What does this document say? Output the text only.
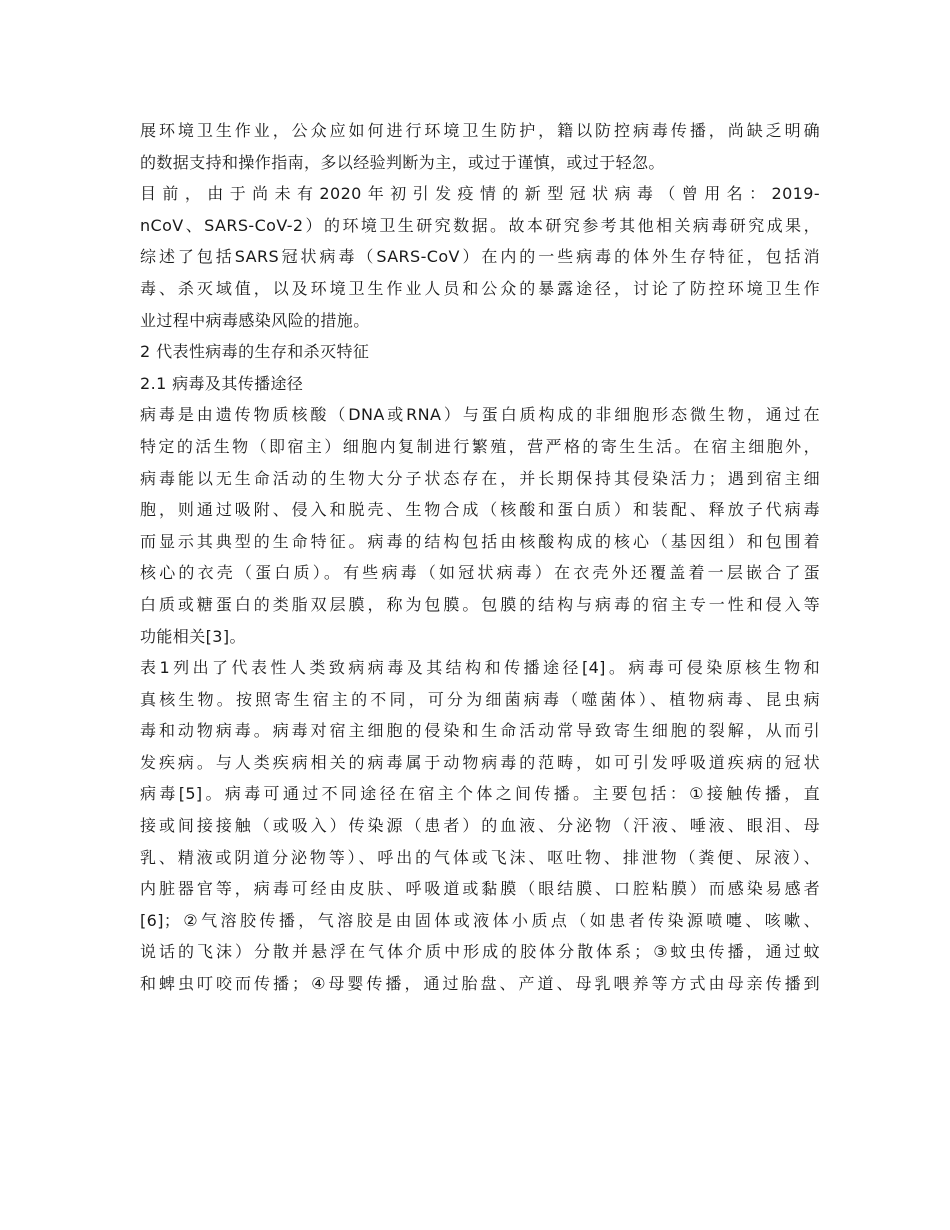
展环境卫生作业，公众应如何进行环境卫生防护，籍以防控病毒传播，尚缺乏明确
的数据支持和操作指南，多以经验判断为主，或过于谨慎，或过于轻忽。
目前，由于尚未有2020年初引发疫情的新型冠状病毒（曾用名：2019-
nCoV、SARS-CoV-2）的环境卫生研究数据。故本研究参考其他相关病毒研究成果，
综述了包括SARS冠状病毒（SARS-CoV）在内的一些病毒的体外生存特征，包括消
毒、杀灭域值，以及环境卫生作业人员和公众的暴露途径，讨论了防控环境卫生作
业过程中病毒感染风险的措施。
2 代表性病毒的生存和杀灭特征
2.1 病毒及其传播途径
病毒是由遗传物质核酸（DNA或RNA）与蛋白质构成的非细胞形态微生物，通过在
特定的活生物（即宿主）细胞内复制进行繁殖，营严格的寄生生活。在宿主细胞外，
病毒能以无生命活动的生物大分子状态存在，并长期保持其侵染活力；遇到宿主细
胞，则通过吸附、侵入和脱壳、生物合成（核酸和蛋白质）和装配、释放子代病毒
而显示其典型的生命特征。病毒的结构包括由核酸构成的核心（基因组）和包围着
核心的衣壳（蛋白质）。有些病毒（如冠状病毒）在衣壳外还覆盖着一层嵌合了蛋
白质或糖蛋白的类脂双层膜，称为包膜。包膜的结构与病毒的宿主专一性和侵入等
功能相关[3]。
表1列出了代表性人类致病病毒及其结构和传播途径[4]。病毒可侵染原核生物和
真核生物。按照寄生宿主的不同，可分为细菌病毒（噬菌体）、植物病毒、昆虫病
毒和动物病毒。病毒对宿主细胞的侵染和生命活动常导致寄生细胞的裂解，从而引
发疾病。与人类疾病相关的病毒属于动物病毒的范畴，如可引发呼吸道疾病的冠状
病毒[5]。病毒可通过不同途径在宿主个体之间传播。主要包括：①接触传播，直
接或间接接触（或吸入）传染源（患者）的血液、分泌物（汗液、唾液、眼泪、母
乳、精液或阴道分泌物等）、呼出的气体或飞沫、呕吐物、排泄物（粪便、尿液）、
内脏器官等，病毒可经由皮肤、呼吸道或黏膜（眼结膜、口腔粘膜）而感染易感者
[6]；②气溶胶传播，气溶胶是由固体或液体小质点（如患者传染源喷嚏、咳嗽、
说话的飞沫）分散并悬浮在气体介质中形成的胶体分散体系；③蚊虫传播，通过蚊
和蜱虫叮咬而传播；④母婴传播，通过胎盘、产道、母乳喂养等方式由母亲传播到
